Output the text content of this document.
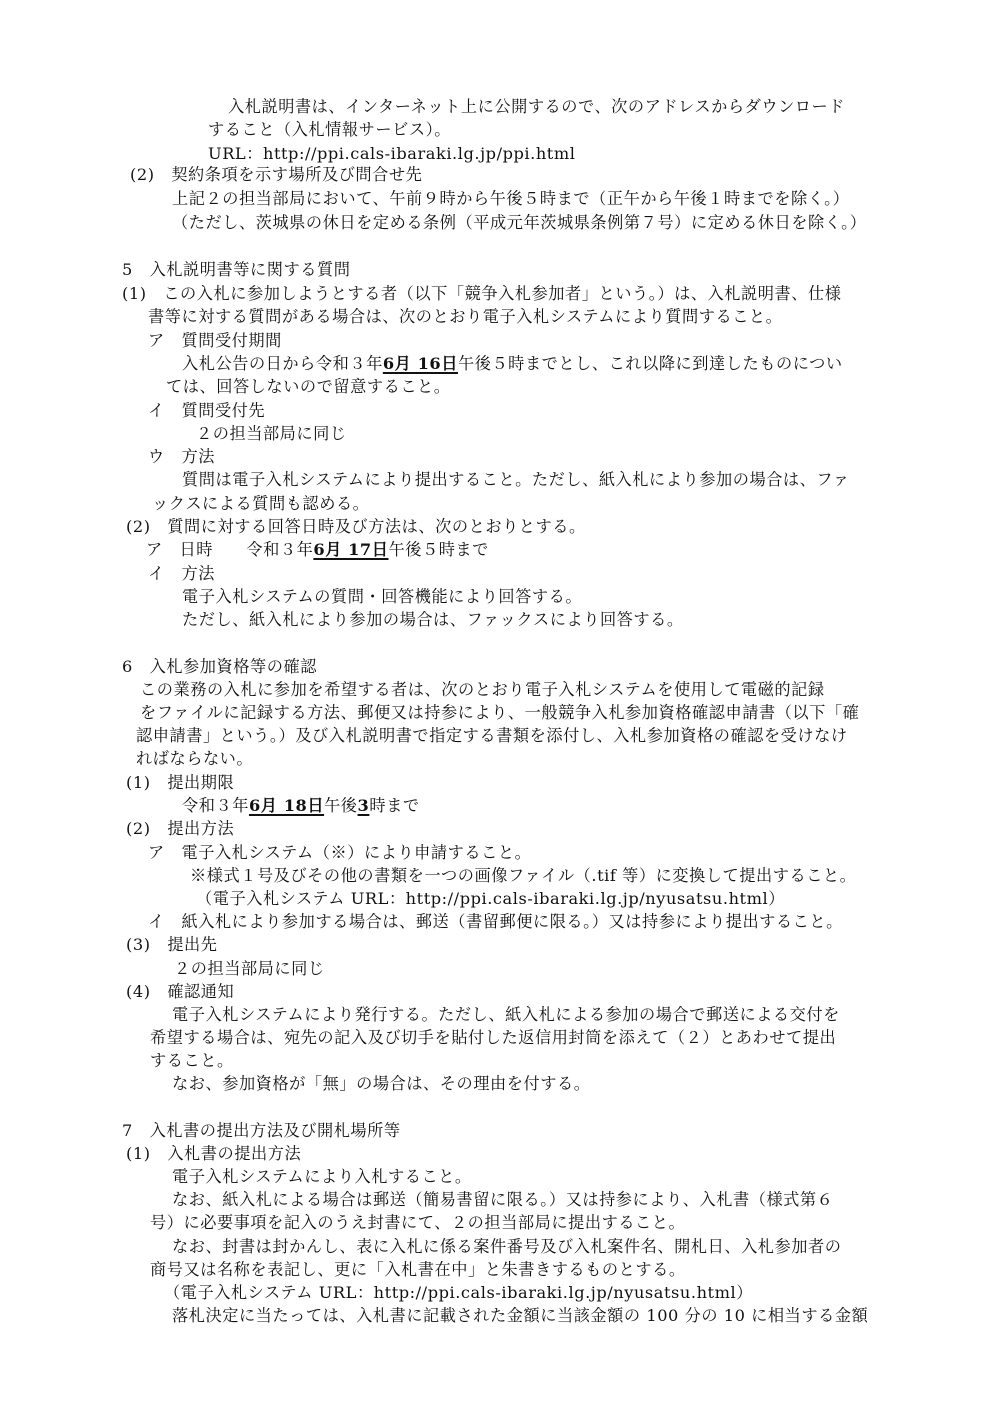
入札説明書は、インターネット上に公開するので、次のアドレスからダウンロード
すること（入札情報サービス）。
URL：http://ppi.cals-ibaraki.lg.jp/ppi.html
(2)　契約条項を示す場所及び問合せ先
上記２の担当部局において、午前９時から午後５時まで（正午から午後１時までを除く。）
（ただし、茨城県の休日を定める条例（平成元年茨城県条例第７号）に定める休日を除く。）
5　入札説明書等に関する質問
(1)　この入札に参加しようとする者（以下「競争入札参加者」という。）は、入札説明書、仕様
書等に対する質問がある場合は、次のとおり電子入札システムにより質問すること。
ア　質問受付期間
入札公告の日から令和３年6月 16日午後５時までとし、これ以降に到達したものについ
ては、回答しないので留意すること。
イ　質問受付先
２の担当部局に同じ
ウ　方法
質問は電子入札システムにより提出すること。ただし、紙入札により参加の場合は、ファ
ックスによる質問も認める。
(2)　質問に対する回答日時及び方法は、次のとおりとする。
ア　日時　　令和３年6月 17日午後５時まで
イ　方法
電子入札システムの質問・回答機能により回答する。
ただし、紙入札により参加の場合は、ファックスにより回答する。
6　入札参加資格等の確認
この業務の入札に参加を希望する者は、次のとおり電子入札システムを使用して電磁的記録
をファイルに記録する方法、郵便又は持参により、一般競争入札参加資格確認申請書（以下「確
認申請書」という。）及び入札説明書で指定する書類を添付し、入札参加資格の確認を受けなけ
ればならない。
(1)　提出期限
令和３年6月 18日午後3時まで
(2)　提出方法
ア　電子入札システム（※）により申請すること。
※様式１号及びその他の書類を一つの画像ファイル（.tif 等）に変換して提出すること。
（電子入札システム URL：http://ppi.cals-ibaraki.lg.jp/nyusatsu.html）
イ　紙入札により参加する場合は、郵送（書留郵便に限る。）又は持参により提出すること。
(3)　提出先
２の担当部局に同じ
(4)　確認通知
電子入札システムにより発行する。ただし、紙入札による参加の場合で郵送による交付を
希望する場合は、宛先の記入及び切手を貼付した返信用封筒を添えて（２）とあわせて提出
すること。
なお、参加資格が「無」の場合は、その理由を付する。
7　入札書の提出方法及び開札場所等
(1)　入札書の提出方法
電子入札システムにより入札すること。
なお、紙入札による場合は郵送（簡易書留に限る。）又は持参により、入札書（様式第６
号）に必要事項を記入のうえ封書にて、２の担当部局に提出すること。
なお、封書は封かんし、表に入札に係る案件番号及び入札案件名、開札日、入札参加者の
商号又は名称を表記し、更に「入札書在中」と朱書きするものとする。
（電子入札システム URL：http://ppi.cals-ibaraki.lg.jp/nyusatsu.html）
落札決定に当たっては、入札書に記載された金額に当該金額の 100 分の 10 に相当する金額
